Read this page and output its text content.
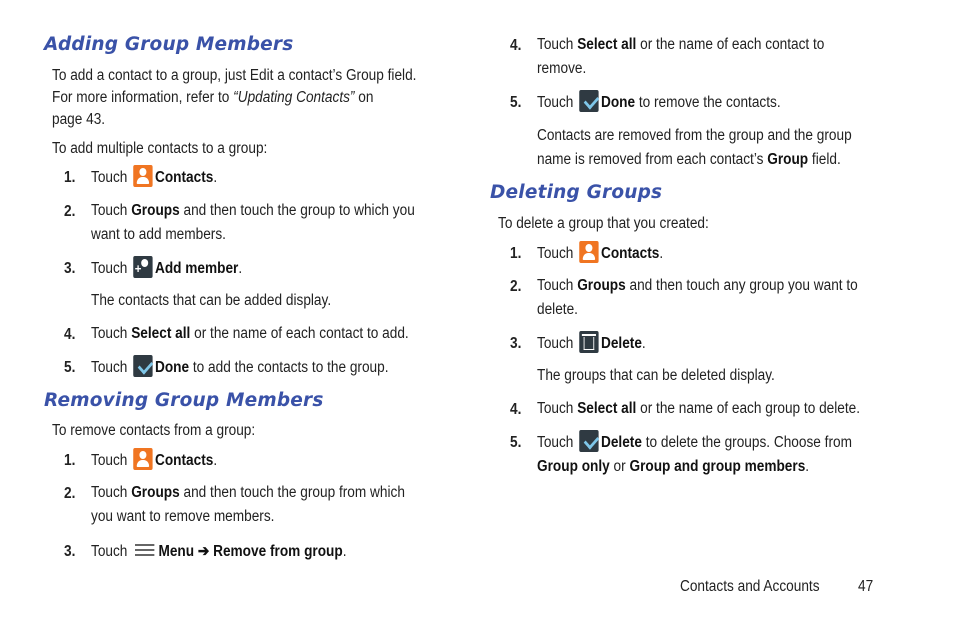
Adding Group Members
To add a contact to a group, just Edit a contact’s Group field.
For more information, refer to “Updating Contacts” on
page 43.
To add multiple contacts to a group:
1. Touch Contacts.
2. Touch Groups and then touch the group to which you
want to add members.
3. Touch + Add member.
The contacts that can be added display.
4. Touch Select all or the name of each contact to add.
5. Touch Done to add the contacts to the group.
Removing Group Members
To remove contacts from a group:
1. Touch Contacts.
2. Touch Groups and then touch the group from which
you want to remove members.
3. Touch Menu ➔ Remove from group.
4. Touch Select all or the name of each contact to
remove.
5. Touch Done to remove the contacts.
Contacts are removed from the group and the group
name is removed from each contact’s Group field.
Deleting Groups
To delete a group that you created:
1. Touch Contacts.
2. Touch Groups and then touch any group you want to
delete.
3. Touch Delete.
The groups that can be deleted display.
4. Touch Select all or the name of each group to delete.
5. Touch Delete to delete the groups. Choose from
Group only or Group and group members.
Contacts and Accounts 47
